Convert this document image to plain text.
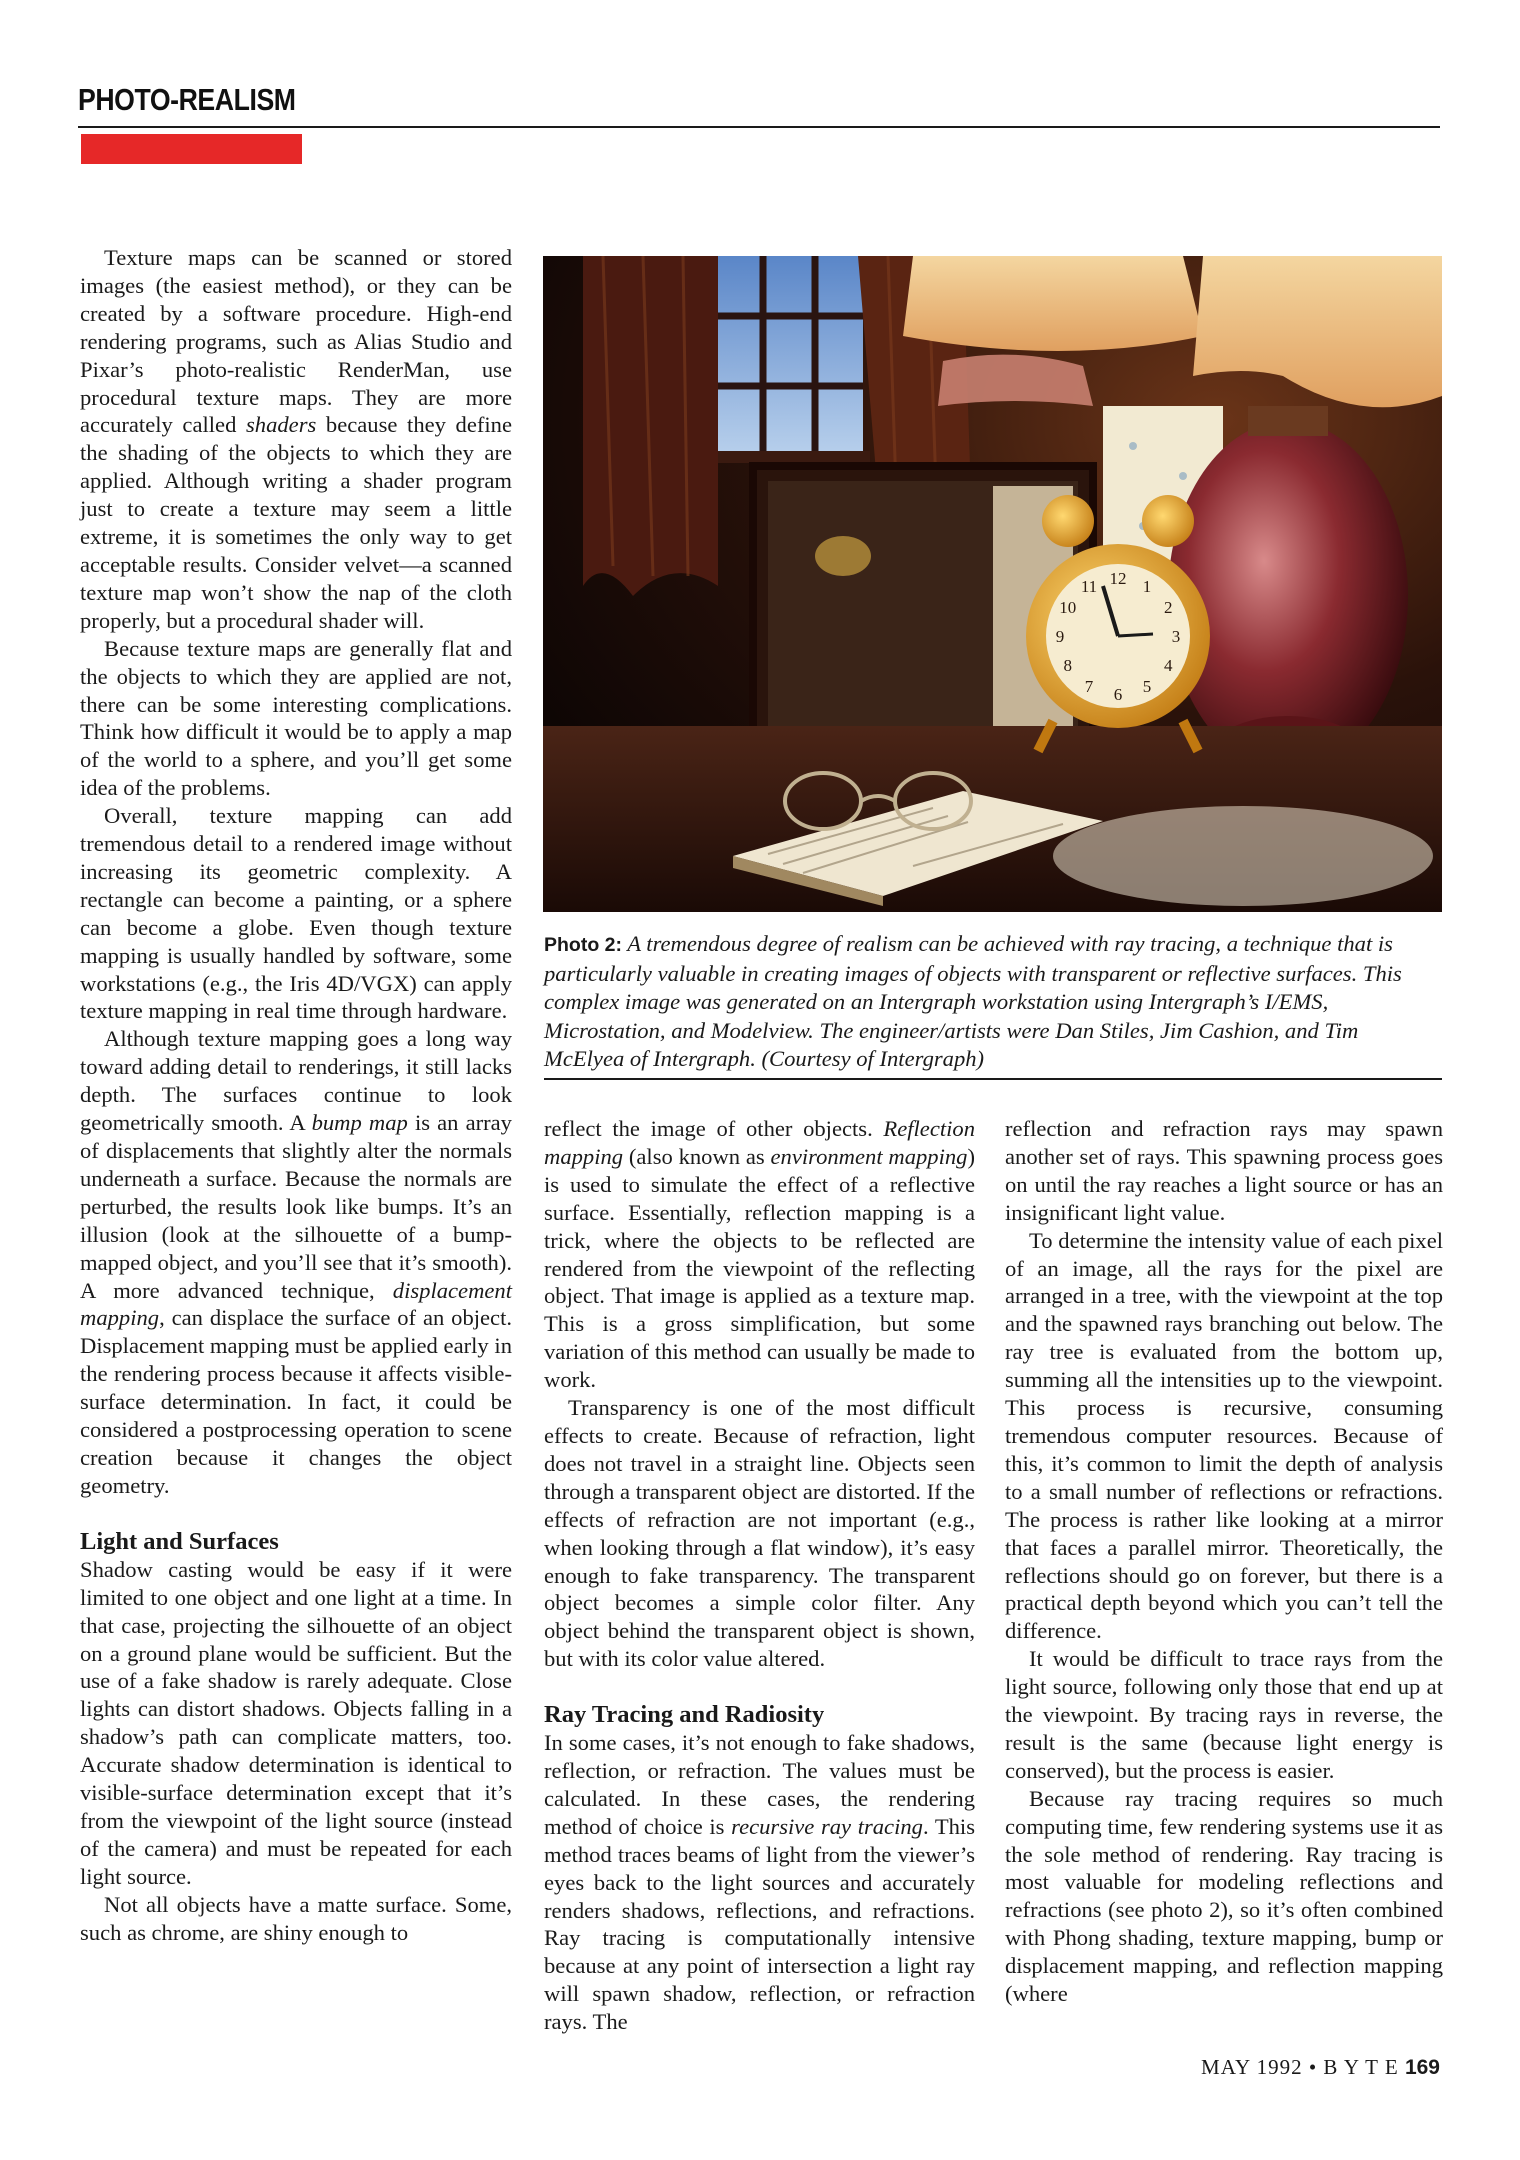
PHOTO-REALISM

Texture maps can be scanned or stored images (the easiest method), or they can be created by a software procedure. High-end rendering programs, such as Alias Studio and Pixar’s photo-realistic RenderMan, use procedural texture maps. They are more accurately called shaders because they define the shading of the objects to which they are applied. Although writing a shader program just to create a texture may seem a little extreme, it is sometimes the only way to get acceptable results. Consider velvet—a scanned texture map won’t show the nap of the cloth properly, but a procedural shader will.

Because texture maps are generally flat and the objects to which they are applied are not, there can be some interesting complications. Think how difficult it would be to apply a map of the world to a sphere, and you’ll get some idea of the problems.

Overall, texture mapping can add tremendous detail to a rendered image without increasing its geometric complexity. A rectangle can become a painting, or a sphere can become a globe. Even though texture mapping is usually handled by software, some workstations (e.g., the Iris 4D/VGX) can apply texture mapping in real time through hardware.

Although texture mapping goes a long way toward adding detail to renderings, it still lacks depth. The surfaces continue to look geometrically smooth. A bump map is an array of displacements that slightly alter the normals underneath a surface. Because the normals are perturbed, the results look like bumps. It’s an illusion (look at the silhouette of a bump-mapped object, and you’ll see that it’s smooth). A more advanced technique, displacement mapping, can displace the surface of an object. Displacement mapping must be applied early in the rendering process because it affects visible-surface determination. In fact, it could be considered a postprocessing operation to scene creation because it changes the object geometry.

Light and Surfaces

Shadow casting would be easy if it were limited to one object and one light at a time. In that case, projecting the silhouette of an object on a ground plane would be sufficient. But the use of a fake shadow is rarely adequate. Close lights can distort shadows. Objects falling in a shadow’s path can complicate matters, too. Accurate shadow determination is identical to visible-surface determination except that it’s from the viewpoint of the light source (instead of the camera) and must be repeated for each light source.

Not all objects have a matte surface. Some, such as chrome, are shiny enough to

12 1
2
3
4
5
6
7
8
9
10
11
Photo 2: A tremendous degree of realism can be achieved with ray tracing, a technique that is particularly valuable in creating images of objects with transparent or reflective surfaces. This complex image was generated on an Intergraph workstation using Intergraph’s I/EMS, Microstation, and Modelview. The engineer/artists were Dan Stiles, Jim Cashion, and Tim McElyea of Intergraph. (Courtesy of Intergraph)

reflect the image of other objects. Reflection mapping (also known as environment mapping) is used to simulate the effect of a reflective surface. Essentially, reflection mapping is a trick, where the objects to be reflected are rendered from the viewpoint of the reflecting object. That image is applied as a texture map. This is a gross simplification, but some variation of this method can usually be made to work.

Transparency is one of the most difficult effects to create. Because of refraction, light does not travel in a straight line. Objects seen through a transparent object are distorted. If the effects of refraction are not important (e.g., when looking through a flat window), it’s easy enough to fake transparency. The transparent object becomes a simple color filter. Any object behind the transparent object is shown, but with its color value altered.

Ray Tracing and Radiosity

In some cases, it’s not enough to fake shadows, reflection, or refraction. The values must be calculated. In these cases, the rendering method of choice is recursive ray tracing. This method traces beams of light from the viewer’s eyes back to the light sources and accurately renders shadows, reflections, and refractions. Ray tracing is computationally intensive because at any point of intersection a light ray will spawn shadow, reflection, or refraction rays. The

reflection and refraction rays may spawn another set of rays. This spawning process goes on until the ray reaches a light source or has an insignificant light value.

To determine the intensity value of each pixel of an image, all the rays for the pixel are arranged in a tree, with the viewpoint at the top and the spawned rays branching out below. The ray tree is evaluated from the bottom up, summing all the intensities up to the viewpoint. This process is recursive, consuming tremendous computer resources. Because of this, it’s common to limit the depth of analysis to a small number of reflections or refractions. The process is rather like looking at a mirror that faces a parallel mirror. Theoretically, the reflections should go on forever, but there is a practical depth beyond which you can’t tell the difference.

It would be difficult to trace rays from the light source, following only those that end up at the viewpoint. By tracing rays in reverse, the result is the same (because light energy is conserved), but the process is easier.

Because ray tracing requires so much computing time, few rendering systems use it as the sole method of rendering. Ray tracing is most valuable for modeling reflections and refractions (see photo 2), so it’s often combined with Phong shading, texture mapping, bump or displacement mapping, and reflection mapping (where

MAY 1992 • B Y T E 169
